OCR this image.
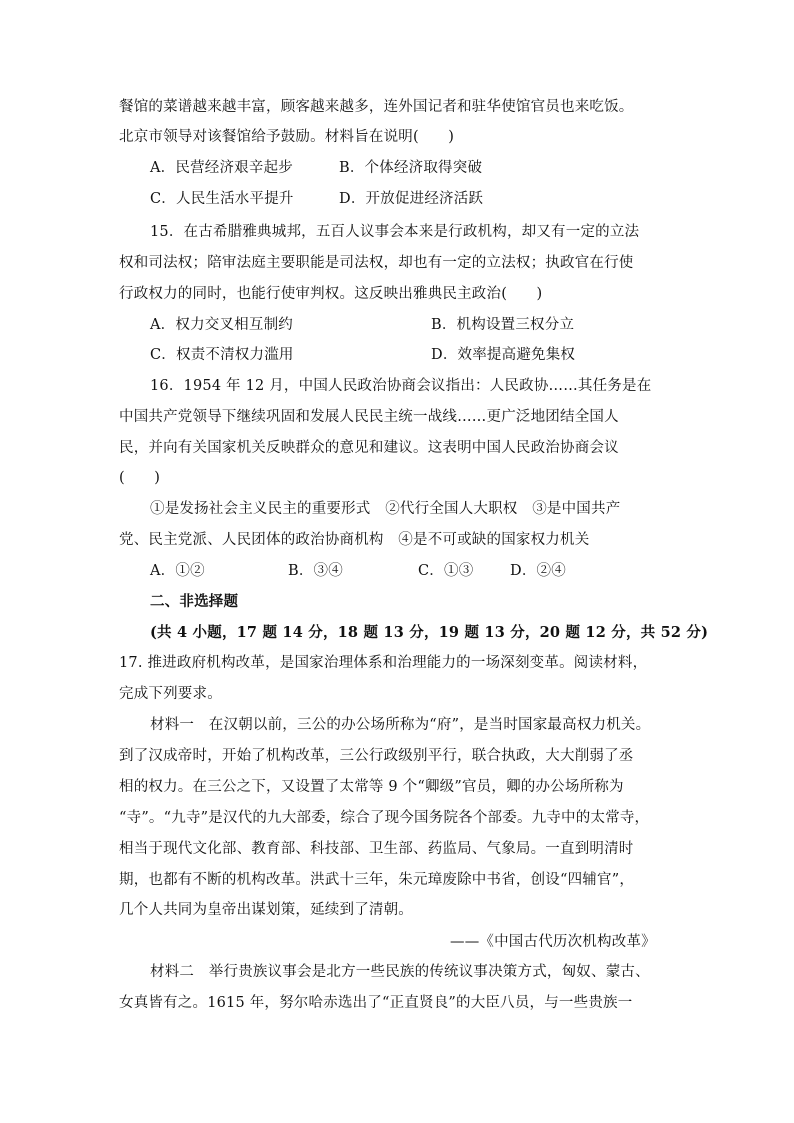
餐馆的菜谱越来越丰富，顾客越来越多，连外国记者和驻华使馆官员也来吃饭。
北京市领导对该餐馆给予鼓励。材料旨在说明(　　)
A．民营经济艰辛起步	B．个体经济取得突破
C．人民生活水平提升	D．开放促进经济活跃
15．在古希腊雅典城邦，五百人议事会本来是行政机构，却又有一定的立法
权和司法权；陪审法庭主要职能是司法权，却也有一定的立法权；执政官在行使
行政权力的同时，也能行使审判权。这反映出雅典民主政治(　　)
A．权力交叉相互制约	B．机构设置三权分立
C．权责不清权力滥用	D．效率提高避免集权
16．1954 年 12 月，中国人民政治协商会议指出：人民政协……其任务是在
中国共产党领导下继续巩固和发展人民民主统一战线……更广泛地团结全国人
民，并向有关国家机关反映群众的意见和建议。这表明中国人民政治协商会议
(　　)
①是发扬社会主义民主的重要形式　②代行全国人大职权　③是中国共产
党、民主党派、人民团体的政治协商机构　④是不可或缺的国家权力机关
A．①②	B．③④	C．①③	D．②④
二、非选择题
(共 4 小题，17 题 14 分，18 题 13 分，19 题 13 分，20 题 12 分，共 52 分)
17. 推进政府机构改革，是国家治理体系和治理能力的一场深刻变革。阅读材料，
完成下列要求。
材料一　在汉朝以前，三公的办公场所称为“府”，是当时国家最高权力机关。
到了汉成帝时，开始了机构改革，三公行政级别平行，联合执政，大大削弱了丞
相的权力。在三公之下，又设置了太常等 9 个“卿级”官员，卿的办公场所称为
“寺”。“九寺”是汉代的九大部委，综合了现今国务院各个部委。九寺中的太常寺，
相当于现代文化部、教育部、科技部、卫生部、药监局、气象局。一直到明清时
期，也都有不断的机构改革。洪武十三年，朱元璋废除中书省，创设“四辅官”，
几个人共同为皇帝出谋划策，延续到了清朝。
——《中国古代历次机构改革》
材料二　举行贵族议事会是北方一些民族的传统议事决策方式，匈奴、蒙古、
女真皆有之。1615 年，努尔哈赤选出了“正直贤良”的大臣八员，与一些贵族一
